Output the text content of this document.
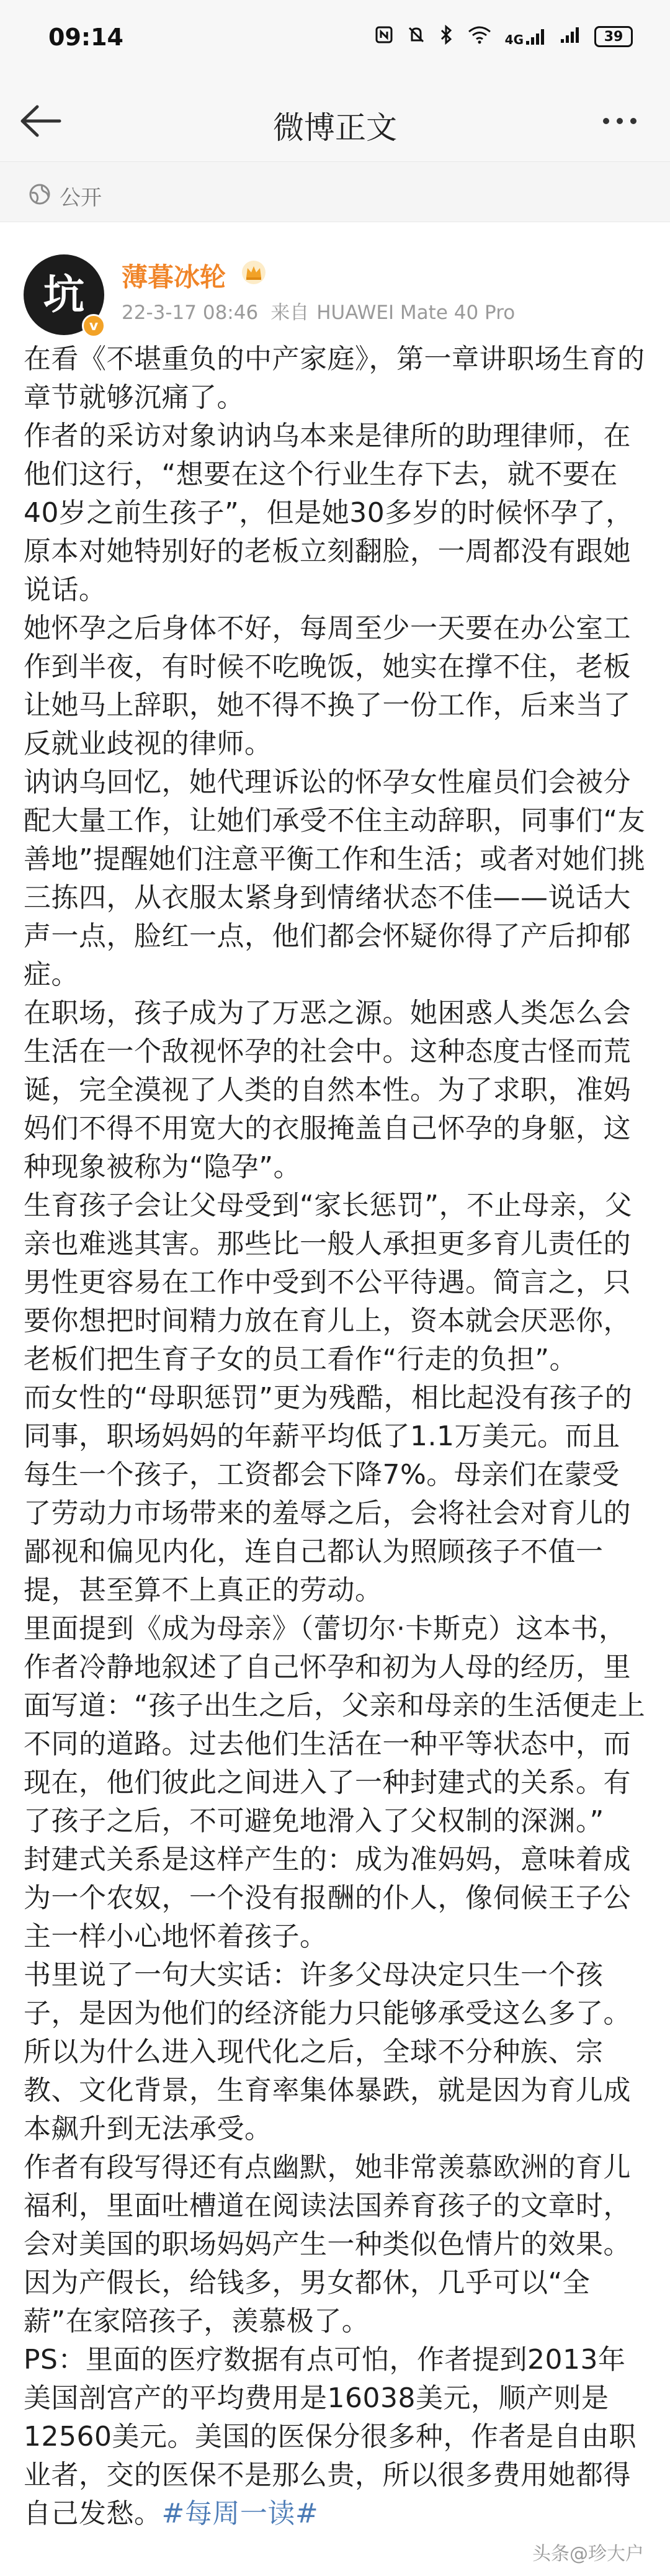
09:14	4G	39
微博正文
公开
坑
v
薄暮冰轮
22-3-17 08:46 来自 HUAWEI Mate 40 Pro

在看《不堪重负的中产家庭》，第一章讲职场生育的章节就够沉痛了。

作者的采访对象讷讷乌本来是律所的助理律师，在他们这行，“想要在这个行业生存下去，就不要在40岁之前生孩子”，但是她30多岁的时候怀孕了，原本对她特别好的老板立刻翻脸，一周都没有跟她说话。

她怀孕之后身体不好，每周至少一天要在办公室工作到半夜，有时候不吃晚饭，她实在撑不住，老板让她马上辞职，她不得不换了一份工作，后来当了反就业歧视的律师。

讷讷乌回忆，她代理诉讼的怀孕女性雇员们会被分配大量工作，让她们承受不住主动辞职，同事们“友善地”提醒她们注意平衡工作和生活；或者对她们挑三拣四，从衣服太紧身到情绪状态不佳——说话大声一点，脸红一点，他们都会怀疑你得了产后抑郁症。

在职场，孩子成为了万恶之源。她困惑人类怎么会生活在一个敌视怀孕的社会中。这种态度古怪而荒诞，完全漠视了人类的自然本性。为了求职，准妈妈们不得不用宽大的衣服掩盖自己怀孕的身躯，这种现象被称为“隐孕”。

生育孩子会让父母受到“家长惩罚”，不止母亲，父亲也难逃其害。那些比一般人承担更多育儿责任的男性更容易在工作中受到不公平待遇。简言之，只要你想把时间精力放在育儿上，资本就会厌恶你，老板们把生育子女的员工看作“行走的负担”。

而女性的“母职惩罚”更为残酷，相比起没有孩子的同事，职场妈妈的年薪平均低了1.1万美元。而且每生一个孩子，工资都会下降7%。母亲们在蒙受了劳动力市场带来的羞辱之后，会将社会对育儿的鄙视和偏见内化，连自己都认为照顾孩子不值一提，甚至算不上真正的劳动。

里面提到《成为母亲》（蕾切尔·卡斯克）这本书，作者冷静地叙述了自己怀孕和初为人母的经历，里面写道：“孩子出生之后，父亲和母亲的生活便走上不同的道路。过去他们生活在一种平等状态中，而现在，他们彼此之间进入了一种封建式的关系。有了孩子之后，不可避免地滑入了父权制的深渊。”

封建式关系是这样产生的：成为准妈妈，意味着成为一个农奴，一个没有报酬的仆人，像伺候王子公主一样小心地怀着孩子。

书里说了一句大实话：许多父母决定只生一个孩子，是因为他们的经济能力只能够承受这么多了。所以为什么进入现代化之后，全球不分种族、宗教、文化背景，生育率集体暴跌，就是因为育儿成本飙升到无法承受。

作者有段写得还有点幽默，她非常羡慕欧洲的育儿福利，里面吐槽道在阅读法国养育孩子的文章时，会对美国的职场妈妈产生一种类似色情片的效果。因为产假长，给钱多，男女都休，几乎可以“全薪”在家陪孩子，羡慕极了。

PS：里面的医疗数据有点可怕，作者提到2013年美国剖宫产的平均费用是16038美元，顺产则是12560美元。美国的医保分很多种，作者是自由职业者，交的医保不是那么贵，所以很多费用她都得自己发愁。#每周一读#

头条@珍大户
